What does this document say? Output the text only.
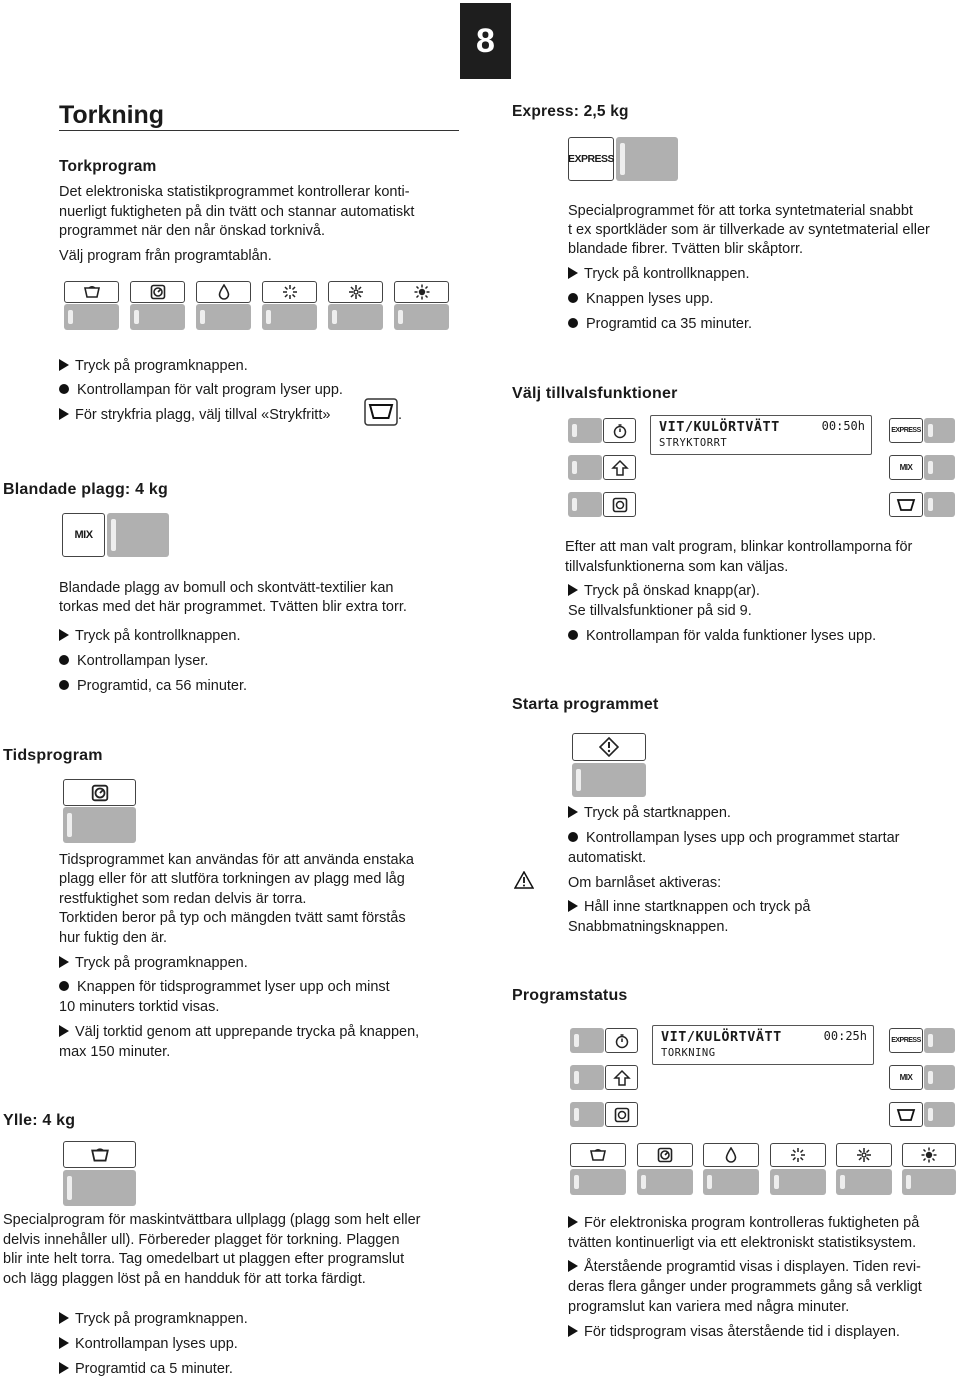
8
Torkning
Torkprogram
Det elektroniska statistikprogrammet kontrollerar konti-
nuerligt fuktigheten på din tvätt och stannar automatiskt
programmet när den når önskad torknivå.
Välj program från programtablån.
Tryck på programknappen.
Kontrollampan för valt program lyser upp.
För strykfria plagg, välj tillval «Strykfritt»	.
Blandade plagg: 4 kg
MIX
Blandade plagg av bomull och skontvätt-textilier kan
torkas med det här programmet. Tvätten blir extra torr.
Tryck på kontrollknappen.
Kontrollampan lyser.
Programtid, ca 56 minuter.
Tidsprogram
Tidsprogrammet kan användas för att använda enstaka
plagg eller för att slutföra torkningen av plagg med låg
restfuktighet som redan delvis är torra.
Torktiden beror på typ och mängden tvätt samt förstås
hur fuktig den är.
Tryck på programknappen.
Knappen för tidsprogrammet lyser upp och minst
10 minuters torktid visas.
Välj torktid genom att upprepande trycka på knappen,
max 150 minuter.
Ylle: 4 kg
Specialprogram för maskintvättbara ullplagg (plagg som helt eller
delvis innehåller ull). Förbereder plagget för torkning. Plaggen
blir inte helt torra. Tag omedelbart ut plaggen efter programslut
och lägg plaggen löst på en handduk för att torka färdigt.
Tryck på programknappen.
Kontrollampan lyses upp.
Programtid ca 5 minuter.
Express: 2,5 kg
EXPRESS
Specialprogrammet för att torka syntetmaterial snabbt
t ex sportkläder som är tillverkade av syntetmaterial eller
blandade fibrer. Tvätten blir skåptorr.
Tryck på kontrollknappen.
Knappen lyses upp.
Programtid ca 35 minuter.
Välj tillvalsfunktioner
VIT/KULÖRTVÄTT
STRYKTORRT
00:50h	EXPRESS
MIX
Efter att man valt program, blinkar kontrollamporna för
tillvalsfunktionerna som kan väljas.
Tryck på önskad knapp(ar).
Se tillvalsfunktioner på sid 9.
Kontrollampan för valda funktioner lyses upp.
Starta programmet
Tryck på startknappen.
Kontrollampan lyses upp och programmet startar
automatiskt.
Om barnlåset aktiveras:
Håll inne startknappen och tryck på
Snabbmatningsknappen.
Programstatus
VIT/KULÖRTVÄTT
TORKNING
00:25h	EXPRESS
MIX
För elektroniska program kontrolleras fuktigheten på
tvätten kontinuerligt via ett elektroniskt statistiksystem.
Återstående programtid visas i displayen. Tiden revi-
deras flera gånger under programmets gång så verkligt
programslut kan variera med några minuter.
För tidsprogram visas återstående tid i displayen.
